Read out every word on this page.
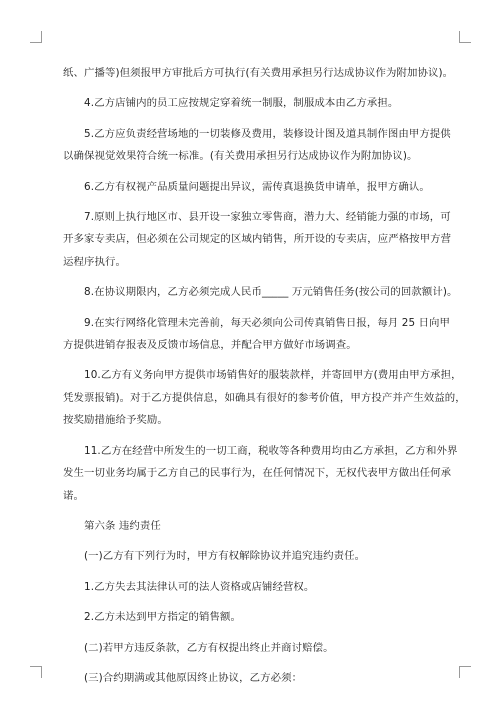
纸、广播等)但须报甲方审批后方可执行(有关费用承担另行达成协议作为附加协议)。

4.乙方店铺内的员工应按规定穿着统一制服，制服成本由乙方承担。

5.乙方应负责经营场地的一切装修及费用，装修设计图及道具制作图由甲方提供
以确保视觉效果符合统一标准。(有关费用承担另行达成协议作为附加协议)。

6.乙方有权视产品质量问题提出异议，需传真退换货申请单，报甲方确认。

7.原则上执行地区市、县开设一家独立零售商，潜力大、经销能力强的市场，可
开多家专卖店，但必须在公司规定的区域内销售，所开设的专卖店，应严格按甲方营
运程序执行。

8.在协议期限内，乙方必须完成人民币_____ 万元销售任务(按公司的回款额计)。

9.在实行网络化管理未完善前，每天必须向公司传真销售日报，每月 25 日向甲
方提供进销存报表及反馈市场信息，并配合甲方做好市场调查。

10.乙方有义务向甲方提供市场销售好的服装款样，并寄回甲方(费用由甲方承担，
凭发票报销)。对于乙方提供信息，如确具有很好的参考价值，甲方投产并产生效益的，
按奖励措施给予奖励。

11.乙方在经营中所发生的一切工商，税收等各种费用均由乙方承担，乙方和外界
发生一切业务均属于乙方自己的民事行为，在任何情况下，无权代表甲方做出任何承
诺。

第六条 违约责任

(一)乙方有下列行为时，甲方有权解除协议并追究违约责任。

1.乙方失去其法律认可的法人资格或店铺经营权。

2.乙方未达到甲方指定的销售额。

(二)若甲方违反条款，乙方有权提出终止并商讨赔偿。

(三)合约期满或其他原因终止协议，乙方必须：
